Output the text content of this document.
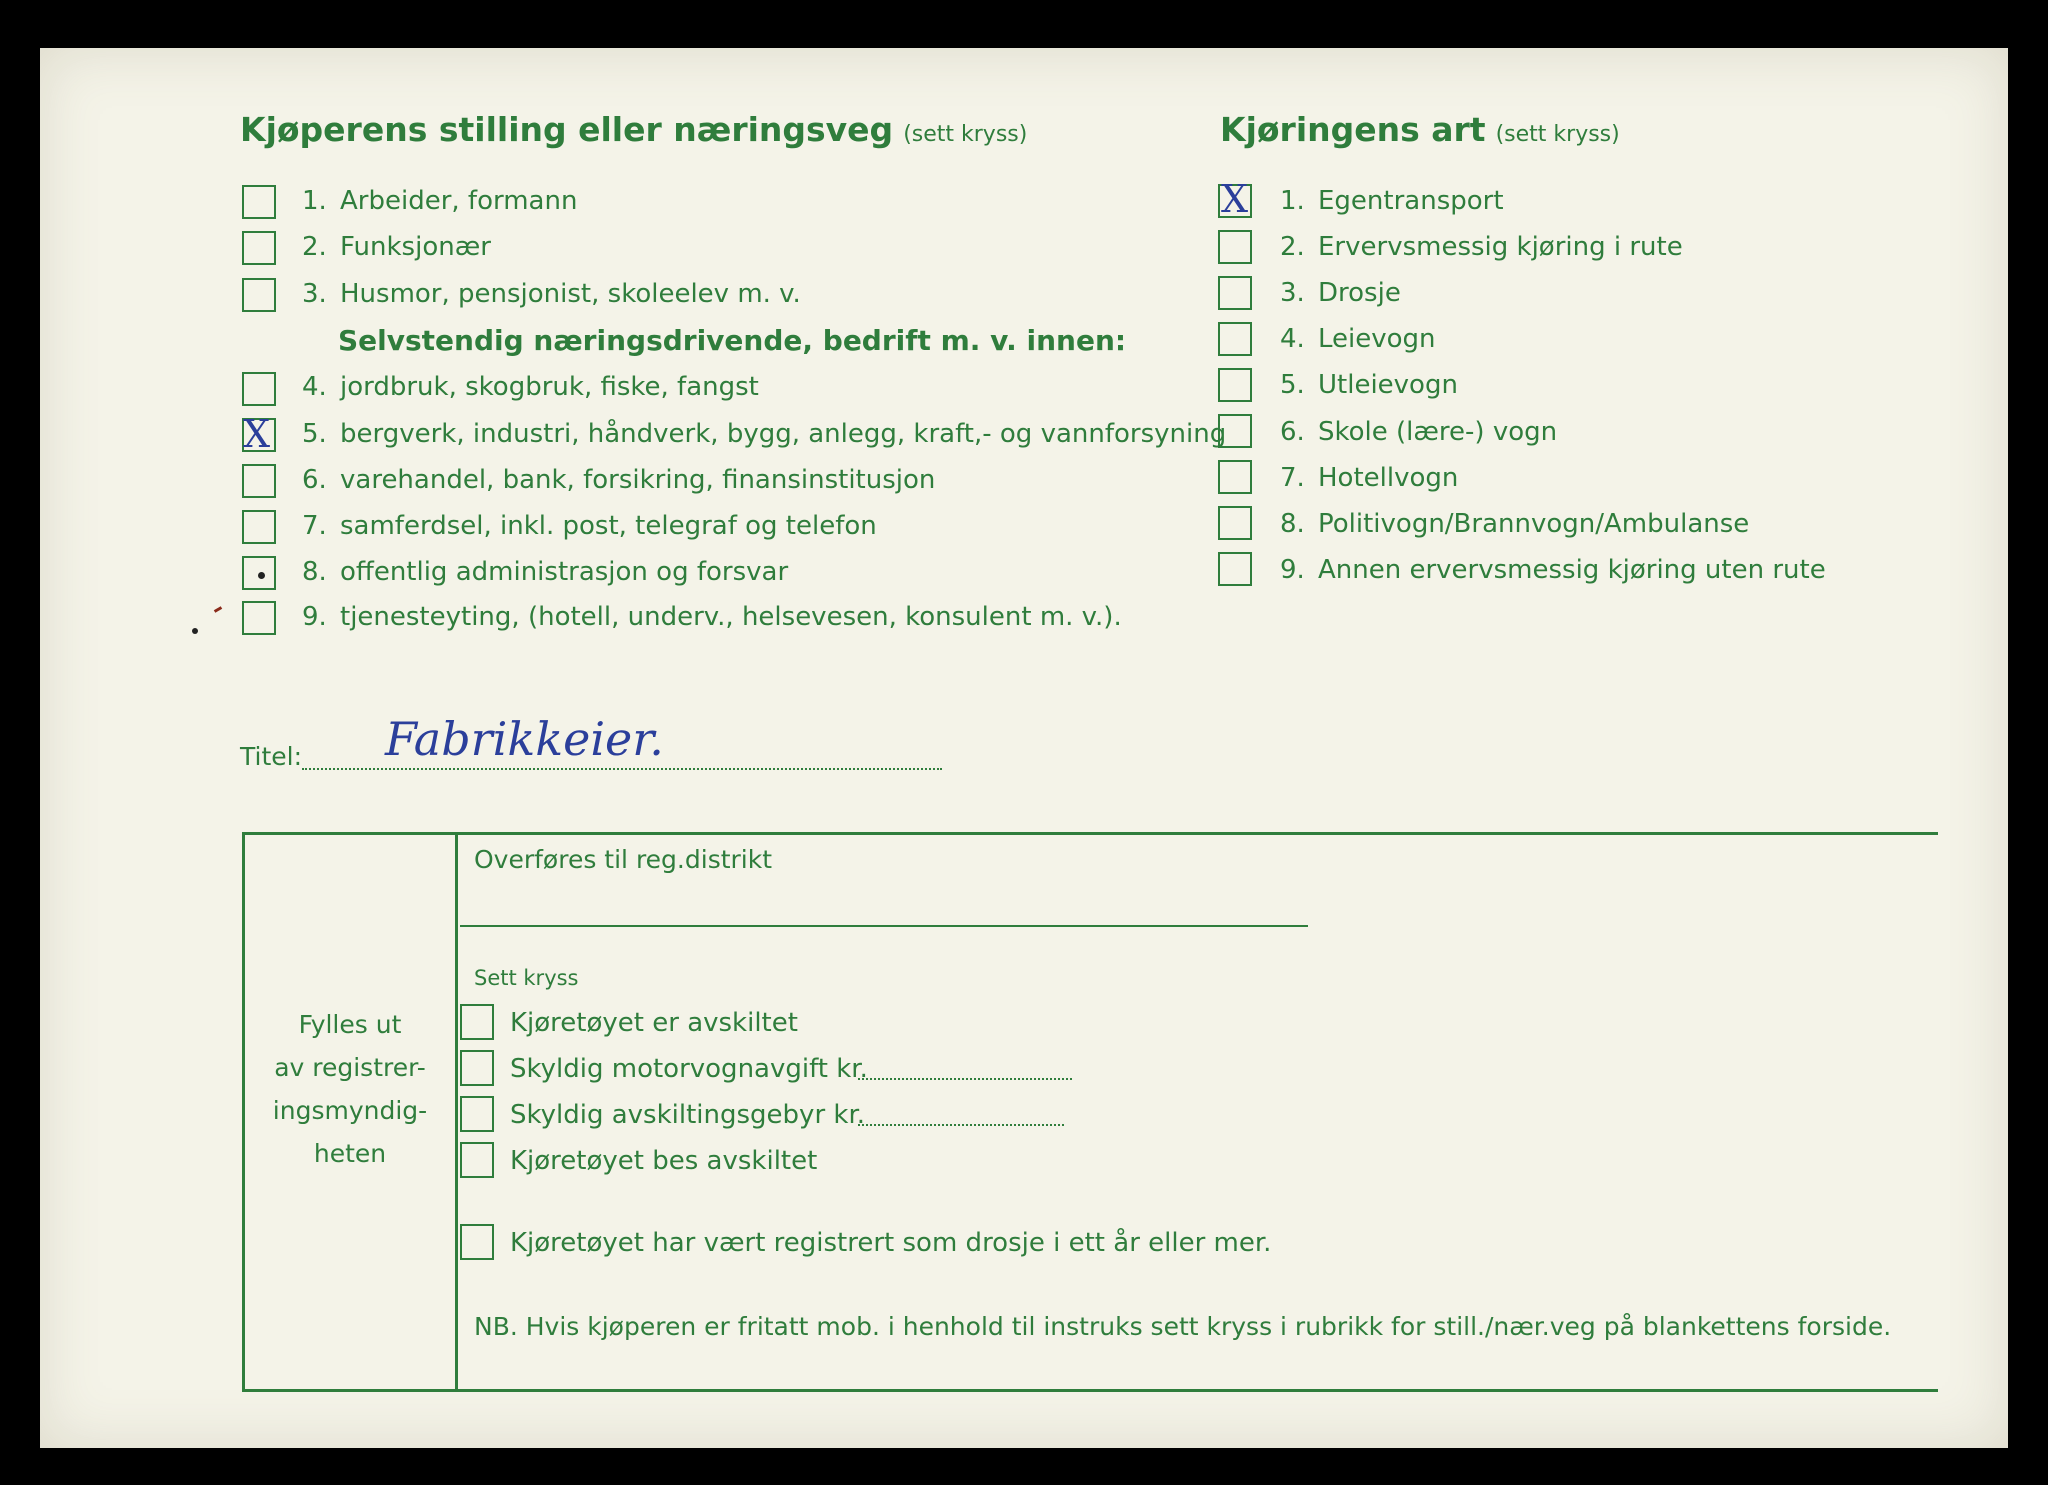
Kjøperens stilling eller næringsveg (sett kryss)	Kjøringens art (sett kryss)
1. Arbeider, formann
2. Funksjonær
3. Husmor, pensjonist, skoleelev m. v.
Selvstendig næringsdrivende, bedrift m. v. innen:
4. jordbruk, skogbruk, fiske, fangst
X 5. bergverk, industri, håndverk, bygg, anlegg, kraft,- og vannforsyning
6. varehandel, bank, forsikring, finansinstitusjon
7. samferdsel, inkl. post, telegraf og telefon
8. offentlig administrasjon og forsvar
9. tjenesteyting, (hotell, underv., helsevesen, konsulent m. v.).
X 1. Egentransport
2. Ervervsmessig kjøring i rute
3. Drosje
4. Leievogn
5. Utleievogn
6. Skole (lære-) vogn
7. Hotellvogn
8. Politivogn/Brannvogn/Ambulanse
9. Annen ervervsmessig kjøring uten rute
Titel: Fabrikkeier.
Fylles ut
av registrer-
ingsmyndig-
heten
Overføres til reg.distrikt
Sett kryss
Kjøretøyet er avskiltet
Skyldig motorvognavgift kr.
Skyldig avskiltingsgebyr kr.
Kjøretøyet bes avskiltet
Kjøretøyet har vært registrert som drosje i ett år eller mer.
NB. Hvis kjøperen er fritatt mob. i henhold til instruks sett kryss i rubrikk for still./nær.veg på blankettens forside.
